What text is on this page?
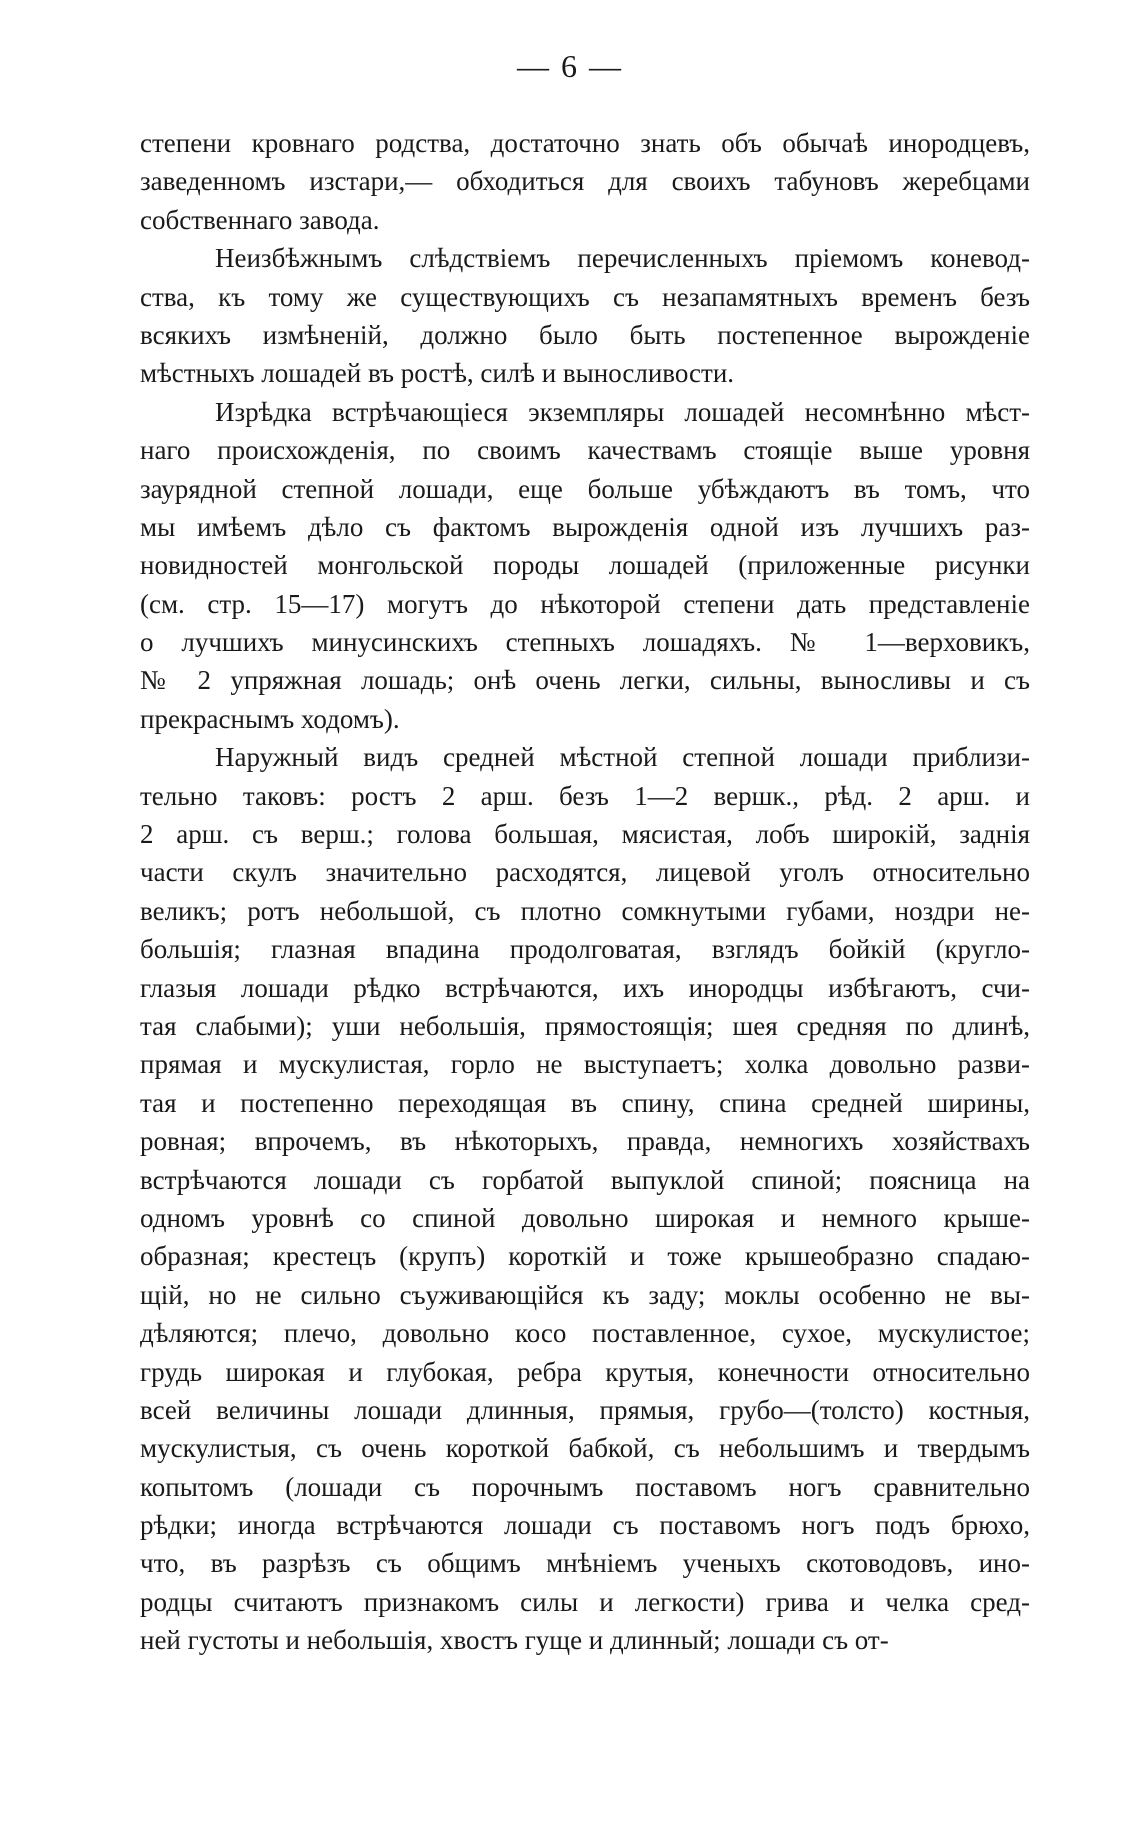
— 6 —
степени кровнаго родства, достаточно знать объ обычаѣ инородцевъ,
заведенномъ изстари,— обходиться для своихъ табуновъ жеребцами
собственнаго завода.
Неизбѣжнымъ слѣдствіемъ перечисленныхъ пріемомъ коневод-
ства, къ тому же существующихъ съ незапамятныхъ временъ безъ
всякихъ измѣненій, должно было быть постепенное вырожденіе
мѣстныхъ лошадей въ ростѣ, силѣ и выносливости.
Изрѣдка встрѣчающіеся экземпляры лошадей несомнѣнно мѣст-
наго происхожденія, по своимъ качествамъ стоящіе выше уровня
заурядной степной лошади, еще больше убѣждаютъ въ томъ, что
мы имѣемъ дѣло съ фактомъ вырожденія одной изъ лучшихъ раз-
новидностей монгольской породы лошадей (приложенные рисунки
(см. стр. 15—17) могутъ до нѣкоторой степени дать представленіе
о лучшихъ минусинскихъ степныхъ лошадяхъ. № 1—верховикъ,
№ 2 упряжная лошадь; онѣ очень легки, сильны, выносливы и съ
прекраснымъ ходомъ).
Наружный видъ средней мѣстной степной лошади приблизи-
тельно таковъ: ростъ 2 арш. безъ 1—2 вершк., рѣд. 2 арш. и
2 арш. съ верш.; голова большая, мясистая, лобъ широкій, заднія
части скулъ значительно расходятся, лицевой уголъ относительно
великъ; ротъ небольшой, съ плотно сомкнутыми губами, ноздри не-
большія; глазная впадина продолговатая, взглядъ бойкій (кругло-
глазыя лошади рѣдко встрѣчаются, ихъ инородцы избѣгаютъ, счи-
тая слабыми); уши небольшія, прямостоящія; шея средняя по длинѣ,
прямая и мускулистая, горло не выступаетъ; холка довольно разви-
тая и постепенно переходящая въ спину, спина средней ширины,
ровная; впрочемъ, въ нѣкоторыхъ, правда, немногихъ хозяйствахъ
встрѣчаются лошади съ горбатой выпуклой спиной; поясница на
одномъ уровнѣ со спиной довольно широкая и немного крыше-
образная; крестецъ (крупъ) короткій и тоже крышеобразно спадаю-
щій, но не сильно съуживающійся къ заду; моклы особенно не вы-
дѣляются; плечо, довольно косо поставленное, сухое, мускулистое;
грудь широкая и глубокая, ребра крутыя, конечности относительно
всей величины лошади длинныя, прямыя, грубо—(толсто) костныя,
мускулистыя, съ очень короткой бабкой, съ небольшимъ и твердымъ
копытомъ (лошади съ порочнымъ поставомъ ногъ сравнительно
рѣдки; иногда встрѣчаются лошади съ поставомъ ногъ подъ брюхо,
что, въ разрѣзъ съ общимъ мнѣніемъ ученыхъ скотоводовъ, ино-
родцы считаютъ признакомъ силы и легкости) грива и челка сред-
ней густоты и небольшія, хвостъ гуще и длинный; лошади съ от-
